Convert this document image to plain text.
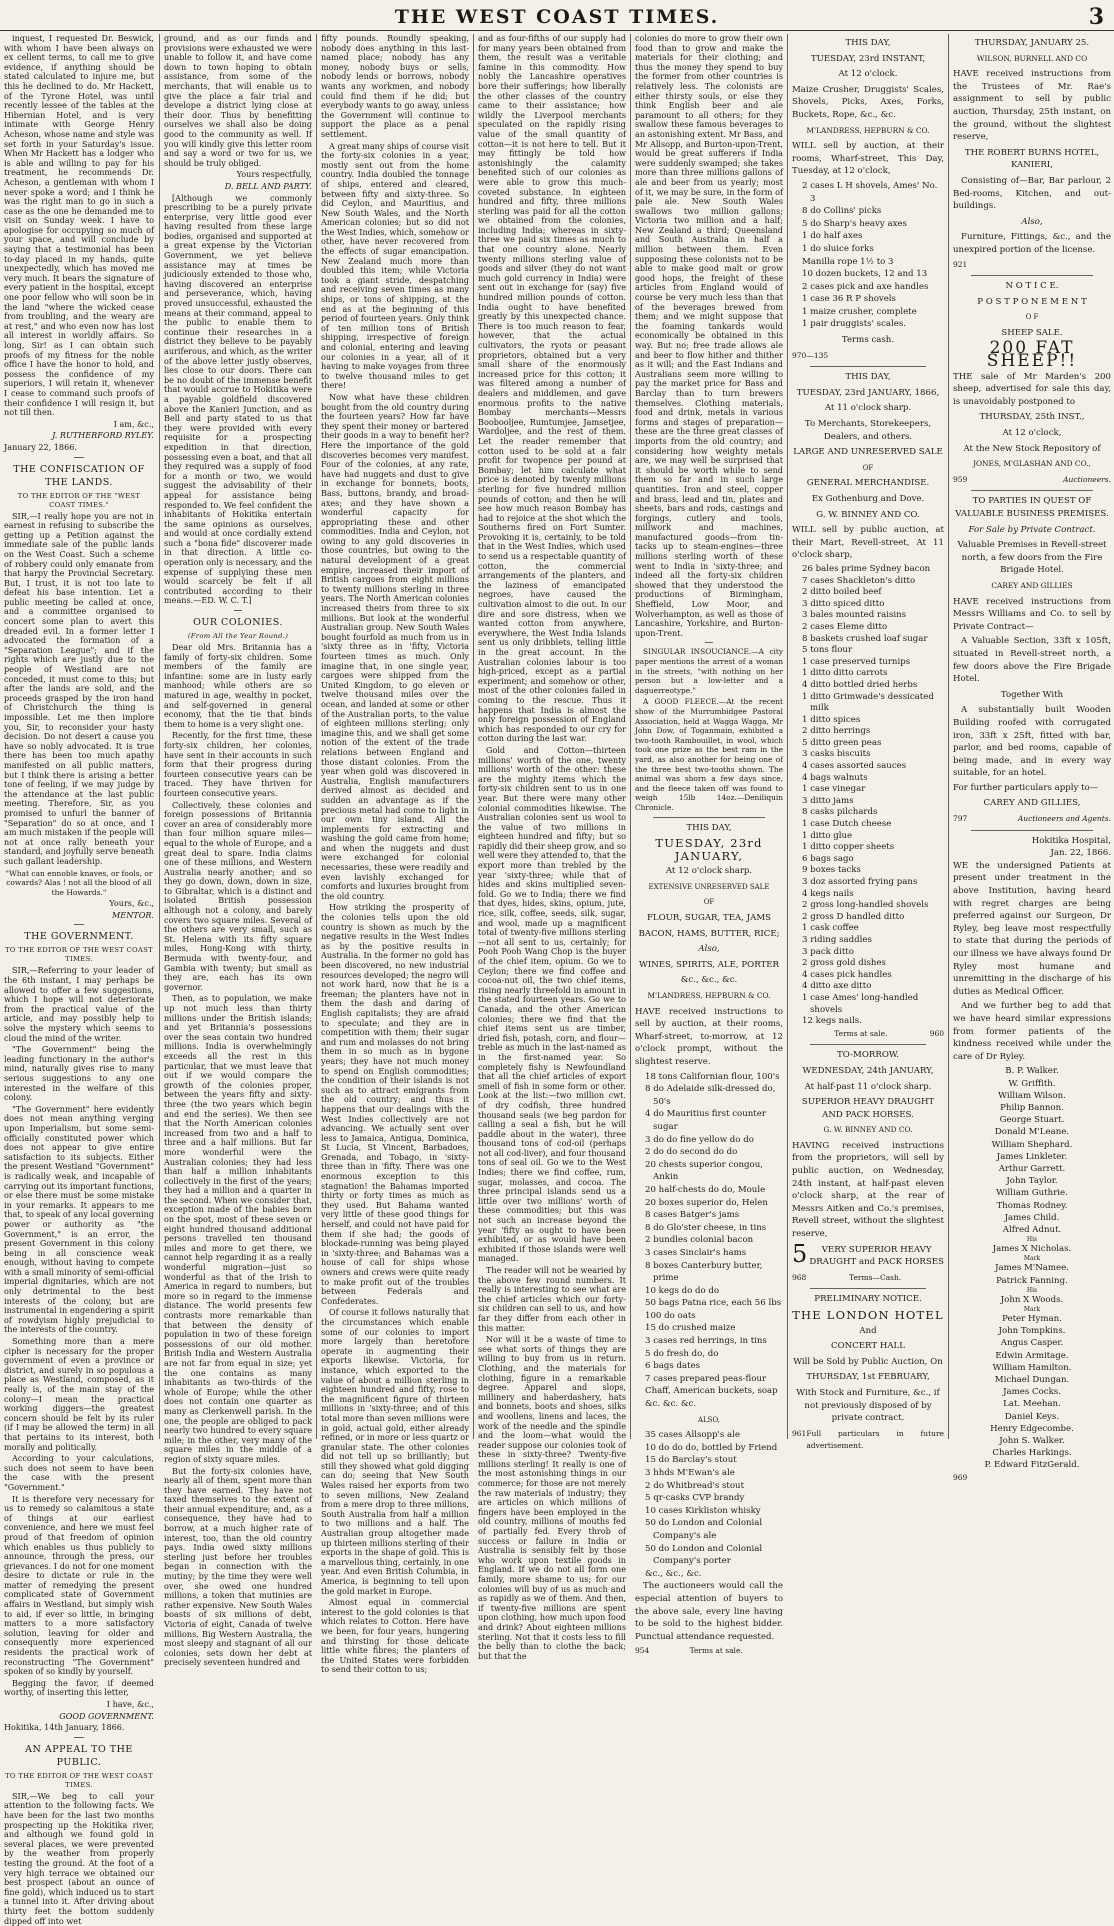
THE WEST COAST TIMES.	3

inquest, I requested Dr. Beswick, with whom I have been always on ex cellent terms, to call me to give evidence, if anything should be stated calculated to injure me, but this he declined to do. Mr Hackett, of the Tyrone Hotel, was until recently lessee of the tables at the Hibernian Hotel, and is very intimate with George Henry Acheson, whose name and style was set forth in your Saturday's issue. When Mr Hackett has a lodger who is able and willing to pay for his treatment, he recommends Dr. Acheson, a gentleman with whom I never spoke a word; and I think he was the right man to go in such a case as the one he demanded me to visit on Sunday week. I have to apologise for occupying so much of your space, and will conclude by saying that a testimonial has been to-day placed in my hands, quite unexpectedly, which has moved me very much. It bears the signature of every patient in the hospital, except one poor fellow who will soon be in the land "where the wicked cease from troubling, and the weary are at rest," and who even now has lost all interest in worldly affairs. So long, Sir! as I can obtain such proofs of my fitness for the noble office I have the honor to hold, and possess the confidence of my superiors, I will retain it, whenever I cease to command such proofs of their confidence I will resign it, but not till then.

I am, &c.,

J. RUTHERFORD RYLEY.

January 22, 1866.

THE CONFISCATION OF THE LANDS.
TO THE EDITOR OF THE "WEST COAST TIMES."

SIR,—I really hope you are not in earnest in refusing to subscribe the getting up a Petition against the immediate sale of the public lands on the West Coast. Such a scheme of robbery could only emanate from that harpy the Provincial Secretary. But, I trust, it is not too late to defeat his base intention. Let a public meeting be called at once, and a committee organised to concert some plan to avert this dreaded evil. In a former letter I advocated the formation of a "Separation League"; and if the rights which are justly due to the people of Westland are not conceded, it must come to this; but after the lands are sold, and the proceeds grasped by the iron hand of Christchurch the thing is impossible. Let me then implore you, Sir, to reconsider your hasty decision. Do not desert a cause you have so nobly advocated. It is true there has been too much apathy manifested on all public matters, but I think there is arising a better tone of feeling, if we may judge by the attendance at the last public meeting. Therefore, Sir, as you promised to unfurl the banner of "Separation" do so at once, and I am much mistaken if the people will not at once rally beneath your standard, and joyfully serve beneath such gallant leadership.

"What can ennoble knaves, or fools, or cowards? Alas ! not all the blood of all the Howards."

Yours, &c.,

MENTOR.

THE GOVERNMENT.
TO THE EDITOR OF THE WEST COAST TIMES.

SIR,—Referring to your leader of the 6th instant, I may perhaps be allowed to offer a few suggestions, which I hope will not deteriorate from the practical value of the article, and may possibly help to solve the mystery which seems to cloud the mind of the writer.

"The Government" being the leading functionary in the author's mind, naturally gives rise to many serious suggestions to any one interested in the welfare of this colony.

"The Government" here evidently does not mean anything verging upon Imperialism, but some semi-officially constituted power which does not appear to give entire satisfaction to its subjects. Either the present Westland "Government" is radically weak, and incapable of carrying out its important functions, or else there must be some mistake in your remarks. It appears to me that, to speak of any local governing power or authority as "the Government," is an error, the present Government in this colony being in all conscience weak enough, without having to compete with a small minority of semi-official imperial dignitaries, which are not only detrimental to the best interests of the colony, but are instrumental in engendering a spirit of rowdyism highly prejudicial to the interests of the country.

Something more than a mere cipher is necessary for the proper government of even a province or district, and surely in so populous a place as Westland, composed, as it really is, of the main stay of the colony—I mean the practical working diggers—the greatest concern should be felt by its ruler (if I may be allowed the term) in all that pertains to its interest, both morally and politically.

According to your calculations, such does not seem to have been the case with the present "Government."

It is therefore very necessary for us to remedy so calamitous a state of things at our earliest convenience, and here we must feel proud of that freedom of opinion which enables us thus publicly to announce, through the press, our grievances. I do not for one moment desire to dictate or rule in the matter of remedying the present complicated state of Government affairs in Westland, but simply wish to aid, if ever so little, in bringing matters to a more satisfactory solution, leaving for older and consequently more experienced residents the practical work of reconstructing "The Government" spoken of so kindly by yourself.

Begging the favor, if deemed worthy, of inserting this letter,

I have, &c.,

GOOD GOVERNMENT.

Hokitika, 14th January, 1866.

AN APPEAL TO THE PUBLIC.
TO THE EDITOR OF THE WEST COAST TIMES.

SIR,—We beg to call your attention to the following facts. We have been for the last two months prospecting up the Hokitika river, and although we found gold in several places, we were prevented by the weather from properly testing the ground. At the foot of a very high terrace we obtained our best prospect (about an ounce of fine gold), which induced us to start a tunnel into it. After driving about thirty feet the bottom suddenly dipped off into wet

ground, and as our funds and provisions were exhausted we were unable to follow it, and have come down to town hoping to obtain assistance, from some of the merchants, that will enable us to give the place a fair trial and develope a district lying close at their door. Thus by benefitting ourselves we shall also be doing good to the community as well. If you will kindly give this letter room and say a word or two for us, we should be truly obliged.

Yours respectfully,

D. BELL AND PARTY.

[Although we commonly prescribing to be a purely private enterprise, very little good ever having resulted from these large bodies, organised and supported at a great expense by the Victorian Government, we yet believe assistance may at times be judiciously extended to those who, having discovered an enterprise and perseverance, which, having proved unsuccessful, exhausted the means at their command, appeal to the public to enable them to continue their researches in a district they believe to be payably auriferous, and which, as the writer of the above letter justly observes, lies close to our doors. There can be no doubt of the immense benefit that would accrue to Hokitika were a payable goldfield discovered above the Kanieri Junction, and as Bell and party stated to us that they were provided with every requisite for a prospecting expedition in that direction, possessing even a boat, and that all they required was a supply of food for a month or two, we would suggest the advisability of their appeal for assistance being responded to. We feel confident the inhabitants of Hokitika entertain the same opinions as ourselves, and would at once cordially extend such a "bona fide" discoverer made in that direction. A little co-operation only is necessary, and the expense of supplying these men would scarcely be felt if all contributed according to their means.—ED. W. C. T.]

OUR COLONIES.
(From All the Year Round.)

Dear old Mrs. Britannia has a family of forty-six children. Some members of the family are infantine: some are in lusty early manhood; while others are so matured in age, wealthy in pocket, and self-governed in general economy, that the tie that binds them to home is a very slight one.

Recently, for the first time, these forty-six children, her colonies, have sent in their accounts in such form that their progress during fourteen consecutive years can be traced. They have thriven for fourteen consecutive years.

Collectively, these colonies and foreign possessions of Britannia cover an area of considerably more than four million square miles—equal to the whole of Europe, and a great deal to spare. India claims one of these millions, and Western Australia nearly another; and so they go down, down, down in size, to Gibraltar, which is a distinct and isolated British possession although not a colony, and barely covers two square miles. Several of the others are very small, such as St. Helena with its fifty square miles, Hong-Kong with thirty, Bermuda with twenty-four, and Gambia with twenty; but small as they are, each has its own governor.

Then, as to population, we make up not much less than thirty millions under the British islands; and yet Britannia's possessions over the seas contain two hundred millions. India is overwhelmingly exceeds all the rest in this particular, that we must leave that out if we would compare the growth of the colonies proper, between the years fifty and sixty-three (the two years which begin and end the series). We then see that the North American colonies increased from two and a half to three and a half millions. But far more wonderful were the Australian colonies; they had less than half a million inhabitants collectively in the first of the years; they had a million and a quarter in the second. When we consider that, exception made of the babies born on the spot, most of these seven or eight hundred thousand additional persons travelled ten thousand miles and more to get there, we cannot help regarding it as a really wonderful migration—just so wonderful as that of the Irish to America in regard to numbers, but more so in regard to the immense distance. The world presents few contrasts more remarkable than that between the density of population in two of these foreign possessions of our old mother. British India and Western Australia are not far from equal in size; yet the one contains as many inhabitants as two-thirds of the whole of Europe; while the other does not contain one quarter as many as Clerkenwell parish. In the one, the people are obliged to pack nearly two hundred to every square mile; in the other, very many of the square miles in the middle of a region of sixty square miles.

But the forty-six colonies have, nearly all of them, spent more than they have earned. They have not taxed themselves to the extent of their annual expenditure; and, as a consequence, they have had to borrow, at a much higher rate of interest, too, than the old country pays. India owed sixty millions sterling just before her troubles began in connection with the mutiny; by the time they were well over, she owed one hundred millions, a token that mutinies are rather expensive. New South Wales boasts of six millions of debt, Victoria of eight, Canada of twelve millions. Big Western Australia, the most sleepy and stagnant of all our colonies, sets down her debt at precisely seventeen hundred and

fifty pounds. Roundly speaking, nobody does anything in this last-named place; nobody has any money, nobody buys or sells, nobody lends or borrows, nobody wants any workmen, and nobody could find them if he did; but everybody wants to go away, unless the Government will continue to support the place as a penal settlement.

A great many ships of course visit the forty-six colonies in a year, mostly sent out from the home country. India doubled the tonnage of ships, entered and cleared, between fifty and sixty-three. So did Ceylon, and Mauritius, and New South Wales, and the North American colonies; but so did not the West Indies, which, somehow or other, have never recovered from the effects of sugar emancipation. New Zealand much more than doubled this item; while Victoria took a giant stride, despatching and receiving seven times as many ships, or tons of shipping, at the end as at the beginning of this period of fourteen years. Only think of ten million tons of British shipping, irrespective of foreign and colonial, entering and leaving our colonies in a year, all of it having to make voyages from three to twelve thousand miles to get there!

Now what have these children bought from the old country during the fourteen years? How far have they spent their money or bartered their goods in a way to benefit her? Here the importance of the gold discoveries becomes very manifest. Four of the colonies, at any rate, have had nuggets and dust to give in exchange for bonnets, boots, Bass, buttons, brandy, and broad-axes; and they have shown a wonderful capacity for appropriating these and other commodities. India and Ceylon, not owing to any gold discoveries in those countries, but owing to the natural development of a great empire, increased their import of British cargoes from eight millions to twenty millions sterling in three years. The North American colonies increased theirs from three to six millions. But look at the wonderful Australian group. New South Wales bought fourfold as much from us in 'sixty three as in 'fifty, Victoria fourteen times as much. Only imagine that, in one single year, cargoes were shipped from the United Kingdom, to go eleven or twelve thousand miles over the ocean, and landed at some or other of the Australian ports, to the value of eighteen millions sterling; only imagine this, and we shall get some notion of the extent of the trade relations between England and those distant colonies. From the year when gold was discovered in Australia, English manufacturers derived almost as decided and sudden an advantage as if the precious metal had come to light in our own tiny island. All the implements for extracting and washing the gold came from home; and when the nuggets and dust were exchanged for colonial necessaries, these were readily and even lavishly exchanged for comforts and luxuries brought from the old country.

How striking the prosperity of the colonies tells upon the old country is shown as much by the negative results in the West Indies as by the positive results in Australia. In the former no gold has been discovered, no new industrial resources developed; the negro will not work hard, now that he is a freeman; the planters have not in them the dash and daring of English capitalists; they are afraid to speculate; and they are in competition with them; their sugar and rum and molasses do not bring them in so much as in bygone years; they have not much money to spend on English commodities; the condition of their islands is not such as to attract emigrants from the old country; and thus it happens that our dealings with the West Indies collectively are not advancing. We actually sent over less to Jamaica, Antigua, Dominica, St Lucia, St Vincent, Barbadoes, Grenada, and Tobago, in 'sixty-three than in 'fifty. There was one enormous exception to this stagnation! the Bahamas imported thirty or forty times as much as they used. But Bahama wanted very little of these good things for herself, and could not have paid for them if she had; the goods of blockade-running was being played in 'sixty-three; and Bahamas was a house of call for ships whose owners and crews were quite ready to make profit out of the troubles between Federals and Confederates.

Of course it follows naturally that the circumstances which enable some of our colonies to import more largely than heretofore operate in augmenting their exports likewise. Victoria, for instance, which exported to the value of about a million sterling in eighteen hundred and fifty, rose to the magnificent figure of thirteen millions in 'sixty-three; and of this total more than seven millions were in gold, actual gold, either already refined, or in more or less quartz or granular state. The other colonies did not tell up so brilliantly; but still they showed what gold digging can do; seeing that New South Wales raised her exports from two to seven millions, New Zealand from a mere drop to three millions, South Australia from half a million to two millions and a half. The Australian group altogether made up thirteen millions sterling of their exports in the shape of gold. This is a marvellous thing, certainly, in one year. And even British Columbia, in America, is beginning to tell upon the gold market in Europe.

Almost equal in commercial interest to the gold colonies is that which relates to Cotton. Here have we been, for four years, hungering and thirsting for those delicate little white fibres; the planters of the United States were forbidden to send their cotton to us;

and as four-fifths of our supply had for many years been obtained from them, the result was a veritable famine in this commodity. How nobly the Lancashire operatives bore their sufferings; how liberally the other classes of the country came to their assistance; how wildly the Liverpool merchants speculated on the rapidly rising value of the small quantity of cotton—it is not here to tell. But it may fittingly be told how astonishingly the calamity benefited such of our colonies as were able to grow this much-coveted substance. In eighteen hundred and fifty, three millions sterling was paid for all the cotton we obtained from the colonies, including India; whereas in sixty-three we paid six times as much to that one country alone. Nearly twenty millions sterling value of goods and silver (they do not want much gold currency in India) were sent out in exchange for (say) five hundred million pounds of cotton. India ought to have benefited greatly by this unexpected chance. There is too much reason to fear, however, that the actual cultivators, the ryots or peasant proprietors, obtained but a very small share of the enormously increased price for this cotton; it was filtered among a number of dealers and middlemen, and gave enormous profits to the native Bombay merchants—Messrs Boobooljee, Rumtumjee, Jamsetjee, Wardoljee, and the rest of them. Let the reader remember that cotton used to be sold at a fair profit for twopence per pound at Bombay; let him calculate what price is denoted by twenty millions sterling for five hundred million pounds of cotton; and then he will see how much reason Bombay has had to rejoice at the shot which the Southerns fired on Fort Sumter. Provoking it is, certainly, to be told that in the West Indies, which used to send us a respectable quantity of cotton, the commercial arrangements of the planters, and the laziness of emancipated negroes, have caused the cultivation almost to die out. In our dire and sore distress, when we wanted cotton from anywhere, everywhere, the West India Islands sent us only dribblets, telling little in the great account. In the Australian colonies labour is too high-priced, except as a partial experiment; and somehow or other, most of the other colonies failed in coming to the rescue. Thus it happens that India is almost the only foreign possession of England which has responded to our cry for cotton during the last war.

Gold and Cotton—thirteen millions' worth of the one, twenty millions' worth of the other: these are the mighty items which the forty-six children sent to us in one year. But there were many other colonial commodities likewise. The Australian colonies sent us wool to the value of two millions in eighteen hundred and fifty; but so rapidly did their sheep grow, and so well were they attended to, that the export more than trebled by the year 'sixty-three; while that of hides and skins multiplied seven-fold. Go we to India; there we find that dyes, hides, skins, opium, jute, rice, silk, coffee, seeds, silk, sugar, and wool, made up a magnificent total of twenty-five millions sterling—not all sent to us, certainly; for Pooh Pooh Wang Chop is the buyer of the chief item, opium. Go we to Ceylon; there we find coffee and cocoa-nut oil, the two chief items, rising nearly threefold in amount in the stated fourteen years. Go we to Canada, and the other American colonies; there we find that the chief items sent us are timber, dried fish, potash, corn, and flour—treble as much in the last-named as in the first-named year. So completely fishy is Newfoundland that all the chief articles of export smell of fish in some form or other. Look at the list:—two million cwt. of dry codfish, three hundred thousand seals (we beg pardon for calling a seal a fish, but he will paddle about in the water), three thousand tons of cod-oil (perhaps not all cod-liver), and four thousand tons of seal oil. Go we to the West Indies; there we find coffee, rum, sugar, molasses, and cocoa. The three principal islands send us a little over two millions' worth of these commodities; but this was not such an increase beyond the year 'fifty as ought to have been exhibited, or as would have been exhibited if those islands were well managed.

The reader will not be wearied by the above few round numbers. It really is interesting to see what are the chief articles which our forty-six children can sell to us, and how far they differ from each other in this matter.

Nor will it be a waste of time to see what sorts of things they are willing to buy from us in return. Clothing, and the materials for clothing, figure in a remarkable degree. Apparel and slops, millinery and haberdashery, hats and bonnets, boots and shoes, silks and woollens, linens and laces, the work of the needle and the spindle and the loom—what would the reader suppose our colonies took of these in sixty-three? Twenty-five millions sterling! It really is one of the most astonishing things in our commerce; for those are not merely the raw materials of industry; they are articles on which millions of fingers have been employed in the old country, millions of mouths fed of partially fed. Every throb of success or failure in India or Australia is sensibly felt by those who work upon textile goods in England. If we do not all form one family, more shame to us; for our colonies will buy of us as much and as rapidly as we of them. And then, if twenty-five millions are spent upon clothing, how much upon food and drink? About eighteen millions sterling. Not that it costs less to fill the belly than to clothe the back; but that the

colonies do more to grow their own food than to grow and make the materials for their clothing; and thus the money they spend to buy the former from other countries is relatively less. The colonists are either thirsty souls, or else they think English beer and ale paramount to all others; for they swallow these famous beverages to an astonishing extent. Mr Bass, and Mr Allsopp, and Burton-upon-Trent, would be great sufferers if India were suddenly swamped; she takes more than three millions gallons of ale and beer from us yearly; most of it, we may be sure, in the form of pale ale. New South Wales swallows two million gallons; Victoria two million and a half; New Zealand a third; Queensland and South Australia in half a million between them. Even supposing these colonists not to be able to make good malt or grow good hops, the freight of these articles from England would of course be very much less than that of the beverages brewed from them; and we might suppose that the foaming tankards would economically be obtained in this way. But no; free trade allows ale and beer to flow hither and thither as it will; and the East Indians and Australians seem more willing to pay the market price for Bass and Barclay than to turn brewers themselves. Clothing materials, food and drink, metals in various forms and stages of preparation—these are the three great classes of imports from the old country; and considering how weighty metals are, we may well be surprised that it should be worth while to send them so far and in such large quantities. Iron and steel, copper and brass, lead and tin, plates and sheets, bars and rods, castings and forgings, cutlery and tools, millwork and machines, manufactured goods—from tin-tacks up to steam-engines—three millions sterling worth of these went to India in 'sixty-three; and indeed all the forty-six children showed that they understood the productions of Birmingham, Sheffield, Low Moor, and Wolverhampton, as well as those of Lancashire, Yorkshire, and Burton-upon-Trent.

SINGULAR INSOUCIANCE.—A city paper mentions the arrest of a woman in the streets, "with nothing on her person but a low-letter and a daguerreotype."

A GOOD FLEECE.—At the recent show of the Murrumbidgee Pastoral Association, held at Wagga Wagga, Mr John Dow, of Toganmain, exhibited a two-tooth Rambouillet, in wool, which took one prize as the best ram in the yard, as also another for being one of the three best two-tooths shown. The animal was shorn a few days since, and the fleece taken off was found to weigh 15lb 14oz.—Deniliquin Chronicle.

THIS DAY,
TUESDAY, 23rd JANUARY,
At 12 o'clock sharp.
EXTENSIVE UNRESERVED SALE
OF
FLOUR, SUGAR, TEA, JAMS
BACON, HAMS, BUTTER, RICE;
Also,
WINES, SPIRITS, ALE, PORTER
&c., &c., &c.
M'LANDRESS, HEPBURN & CO.

HAVE received instructions to sell by auction, at their rooms, Wharf-street, to-morrow, at 12 o'clock prompt, without the slightest reserve.

18 tons Californian flour, 100's
8 do Adelaide silk-dressed do, 50's
4 do Mauritius first counter sugar
3 do do fine yellow do do
2 do do second do do
20 chests superior congou, Ankin
20 half-chests do do, Moule
20 boxes superior do, Helen
8 cases Batger's jams
8 do Glo'ster cheese, in tins
2 bundles colonial bacon
3 cases Sinclair's hams
8 boxes Canterbury butter, prime
10 kegs do do do
50 bags Patna rice, each 56 lbs
100 do oats
15 do crushed maize
3 cases red herrings, in tins
5 do fresh do, do
6 bags dates
7 cases prepared peas-flour
Chaff, American buckets, soap
&c. &c. &c.
ALSO,
35 cases Allsopp's ale
10 do do do, bottled by Friend
15 do Barclay's stout
3 hhds M'Ewan's ale
2 do Whitbread's stout
5 qr-casks CVP brandy
10 cases Kirkliston whisky
50 do London and Colonial Company's ale
50 do London and Colonial Company's porter
&c., &c., &c.

The auctioneers would call the especial attention of buyers to the above sale, every line having to be sold to the highest bidder. Punctual attendance requested.

954	Terms at sale.
THIS DAY,
TUESDAY, 23rd INSTANT,
At 12 o'clock.

Maize Crusher, Druggists' Scales, Shovels, Picks, Axes, Forks, Buckets, Rope, &c., &c.

M'LANDRESS, HEPBURN & CO.

WILL sell by auction, at their rooms, Wharf-street, This Day, Tuesday, at 12 o'clock,

2 cases L H shovels, Ames' No. 3
8 do Collins' picks
5 do Sharp's heavy axes
1 do half axes
1 do sluice forks
Manilla rope 1½ to 3
10 dozen buckets, 12 and 13
2 cases pick and axe handles
1 case 36 R P shovels
1 maize crusher, complete
1 pair druggists' scales.
Terms cash.
970—135
THIS DAY,
TUESDAY, 23rd JANUARY, 1866,
At 11 o'clock sharp.

To Merchants, Storekeepers, Dealers, and others.

LARGE AND UNRESERVED SALE
OF
GENERAL MERCHANDISE.
Ex Gothenburg and Dove.
G. W. BINNEY AND CO.

WILL sell by public auction, at their Mart, Revell-street, At 11 o'clock sharp,

26 bales prime Sydney bacon
7 cases Shackleton's ditto
2 ditto boiled beef
3 ditto spiced ditto
3 bales mounted raisins
2 cases Eleme ditto
8 baskets crushed loaf sugar
5 tons flour
1 case preserved turnips
1 ditto ditto carrots
4 ditto bottled dried herbs
1 ditto Grimwade's dessicated milk
1 ditto spices
2 ditto herrings
5 ditto green peas
3 casks biscuits
4 cases assorted sauces
4 bags walnuts
1 case vinegar
3 ditto jams
8 casks pilchards
1 case Dutch cheese
1 ditto glue
1 ditto copper sheets
6 bags sago
9 boxes tacks
3 doz assorted frying pans
4 kegs nails
2 gross long-handled shovels
2 gross D handled ditto
1 cask coffee
3 riding saddles
3 pack ditto
2 gross gold dishes
4 cases pick handles
4 ditto axe ditto
1 case Ames' long-handled shovels
12 kegs nails.
Terms at sale.	960
TO-MORROW.
WEDNESDAY, 24th JANUARY,
At half-past 11 o'clock sharp.
SUPERIOR HEAVY DRAUGHT AND PACK HORSES.
G. W. BINNEY AND CO.

HAVING received instructions from the proprietors, will sell by public auction, on Wednesday, 24th instant, at half-past eleven o'clock sharp, at the rear of Messrs Aitken and Co.'s premises, Revell street, without the slightest reserve,

5 VERY SUPERIOR HEAVY DRAUGHT and PACK HORSES
968	Terms—Cash.
PRELIMINARY NOTICE.
THE LONDON HOTEL
And
CONCERT HALL
Will be Sold by Public Auction, On
THURSDAY, 1st FEBRUARY,

With Stock and Furniture, &c., if not previously disposed of by private contract.

961 Full particulars in future advertisement.
THURSDAY, JANUARY 25.
WILSON, BURNELL AND CO

HAVE received instructions from the Trustees of Mr. Rae's assignment to sell by public auction, Thursday, 25th instant, on the ground, without the slightest reserve,

THE ROBERT BURNS HOTEL, KANIERI,

Consisting of—Bar, Bar parlour, 2 Bed-rooms, Kitchen, and out-buildings.

Also,

Furniture, Fittings, &c., and the unexpired portion of the license.

921
N O T I C E.
P O S T P O N E M E N T
O F
SHEEP SALE.
200 FAT SHEEP!!

THE sale of Mr Marden's 200 sheep, advertised for sale this day, is unavoidably postponed to

THURSDAY, 25th INST.,
At 12 o'clock,
At the New Stock Repository of
JONES, M'GLASHAN AND CO.,
959	Auctioneers.
TO PARTIES IN QUEST OF VALUABLE BUSINESS PREMISES.
For Sale by Private Contract.

Valuable Premises in Revell-street north, a few doors from the Fire Brigade Hotel.

CAREY AND GILLIES

HAVE received instructions from Messrs Williams and Co. to sell by Private Contract—

A Valuable Section, 33ft x 105ft, situated in Revell-street north, a few doors above the Fire Brigade Hotel.

Together With

A substantially built Wooden Building roofed with corrugated iron, 33ft x 25ft, fitted with bar, parlor, and bed rooms, capable of being made, and in every way suitable, for an hotel.

For further particulars apply to—

CAREY AND GILLIES,
797	Auctioneers and Agents.
Hokitika Hospital,
Jan. 22, 1866.

WE the undersigned Patients at present under treatment in the above Institution, having heard with regret charges are being preferred against our Surgeon, Dr Ryley, beg leave most respectfully to state that during the periods of our illness we have always found Dr Ryley most humane and unremitting in the discharge of his duties as Medical Officer.

And we further beg to add that we have heard similar expressions from former patients of the kindness received while under the care of Dr Ryley.

B. P. Walker.
W. Griffith.
William Wilson.
Philip Bannon.
George Stuart.
Donald M'Leane.
William Shephard.
James Linkleter.
Arthur Garrett.
John Taylor.
William Guthrie.
Thomas Rodney.
James Child.
Alfred Adnut.
His
James X Nicholas.
Mark
James M'Namee.
Patrick Fanning.
His
John X Woods.
Mark
Peter Hyman.
John Tompkins.
Angus Casper.
Edwin Armitage.
William Hamilton.
Michael Dungan.
James Cocks.
Lat. Meehan.
Daniel Keys.
Henry Edgecombe.
John S. Walker.
Charles Harkings.
P. Edward FitzGerald.
969
